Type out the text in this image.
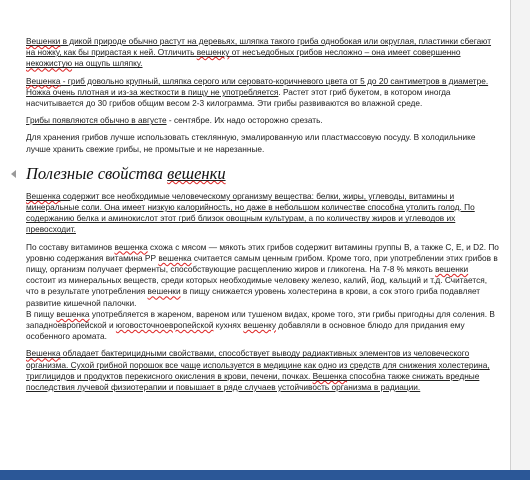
Вешенки в дикой природе обычно растут на деревьях, шляпка такого гриба однобокая или округлая, пластинки сбегают на ножку, как бы прирастая к ней. Отличить вешенку от несъедобных грибов несложно – она имеет совершенно некожистую на ощупь шляпку.

Вешенка - гриб довольно крупный, шляпка серого или серовато-коричневого цвета от 5 до 20 сантиметров в диаметре. Ножка очень плотная и из-за жесткости в пищу не употребляется. Растет этот гриб букетом, в котором иногда насчитывается до 30 грибов общим весом 2-3 килограмма. Эти грибы развиваются во влажной среде.

Грибы появляются обычно в августе - сентябре. Их надо осторожно срезать.

Для хранения грибов лучше использовать стеклянную, эмалированную или пластмассовую посуду. В холодильнике лучше хранить свежие грибы, не промытые и не нарезанные.

Полезные свойства вешенки

Вешенка содержит все необходимые человеческому организму вещества: белки, жиры, углеводы, витамины и минеральные соли. Она имеет низкую калорийность, но даже в небольшом количестве способна утолить голод. По содержанию белка и аминокислот этот гриб близок овощным культурам, а по количеству жиров и углеводов их превосходит.

По составу витаминов вешенка схожа с мясом — мякоть этих грибов содержит витамины группы В, а также С, Е, и D2. По уровню содержания витамина РР вешенка считается самым ценным грибом. Кроме того, при употреблении этих грибов в пищу, организм получает ферменты, способствующие расщеплению жиров и гликогена. На 7-8 % мякоть вешенки состоит из минеральных веществ, среди которых необходимые человеку железо, калий, йод, кальций и т.д. Считается, что в результате употребления вешенки в пищу снижается уровень холестерина в крови, а сок этого гриба подавляет развитие кишечной палочки.

В пищу вешенка употребляется в жареном, вареном или тушеном видах, кроме того, эти грибы пригодны для соления. В западноевропейской и юговосточноевропейской кухнях вешенку добавляли в основное блюдо для придания ему особенного аромата.

Вешенка обладает бактерицидными свойствами, способствует выводу радиактивных элементов из человеческого организма. Сухой грибной порошок все чаще используется в медицине как одно из средств для снижения холестерина, триглицидов и продуктов перекисного окисления в крови, печени, почках. Вешенка способна также снижать вредные последствия лучевой физиотерапии и повышает в ряде случаев устойчивость организма в радиации.
